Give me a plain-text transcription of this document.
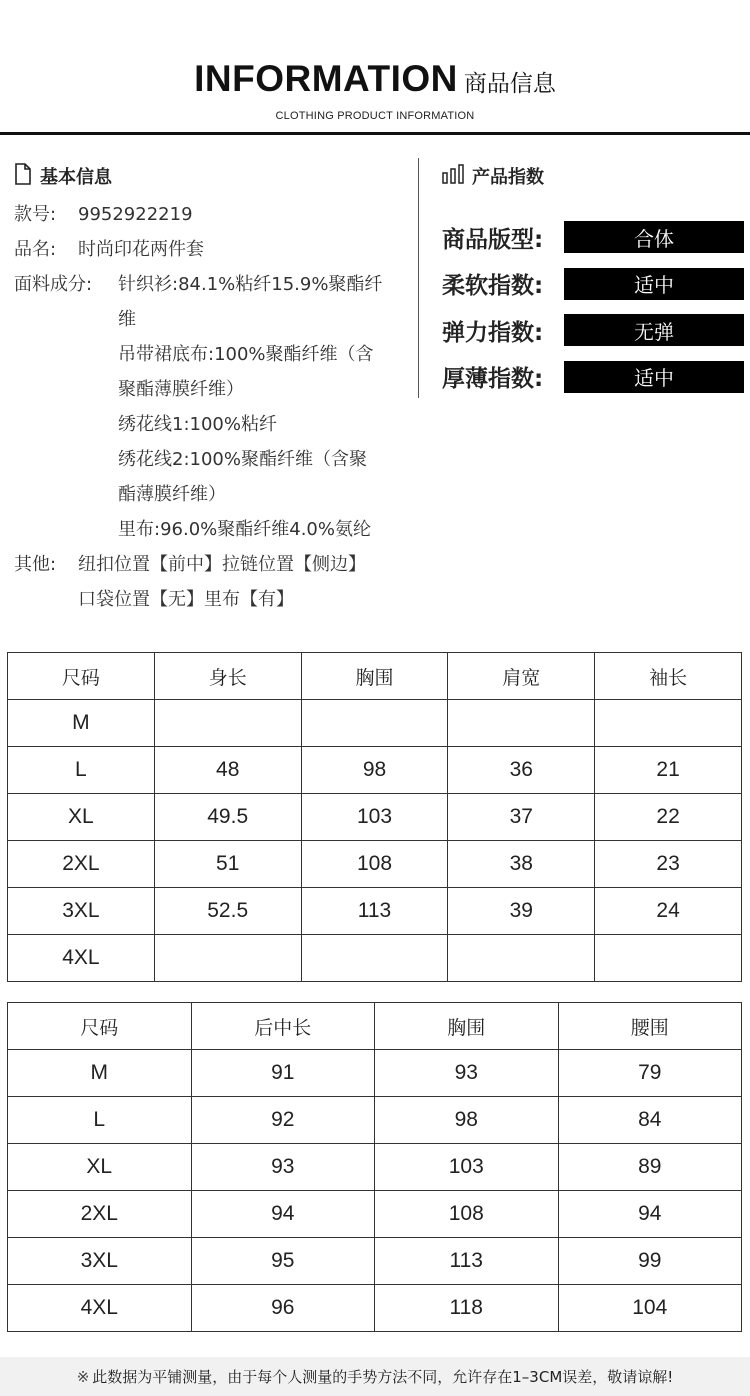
INFORMATION 商品信息
CLOTHING PRODUCT INFORMATION
基本信息
款号:	9952922219
品名:	时尚印花两件套
面料成分:	针织衫:84.1%粘纤15.9%聚酯纤
维
吊带裙底布:100%聚酯纤维（含
聚酯薄膜纤维）
绣花线1:100%粘纤
绣花线2:100%聚酯纤维（含聚
酯薄膜纤维）
里布:96.0%聚酯纤维4.0%氨纶
其他:	纽扣位置【前中】拉链位置【侧边】
口袋位置【无】里布【有】
产品指数
商品版型:	合体
柔软指数:	适中
弹力指数:	无弹
厚薄指数:	适中
尺码	身长	胸围	肩宽	袖长
M				
L	48	98	36	21
XL	49.5	103	37	22
2XL	51	108	38	23
3XL	52.5	113	39	24
4XL				
尺码	后中长	胸围	腰围
M	91	93	79
L	92	98	84
XL	93	103	89
2XL	94	108	94
3XL	95	113	99
4XL	96	118	104
※ 此数据为平铺测量，由于每个人测量的手势方法不同，允许存在1–3CM误差，敬请谅解!
